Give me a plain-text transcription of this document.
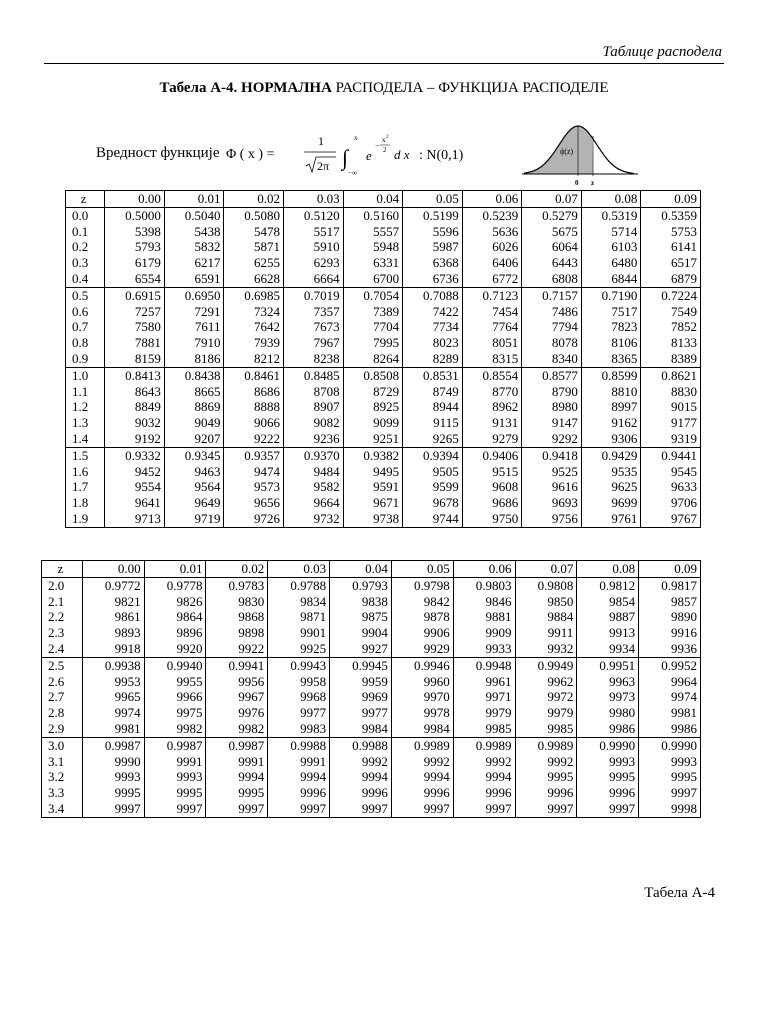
Таблице расподела
Табела А-4. НОРМАЛНА РАСПОДЕЛА – ФУНКЦИЈА РАСПОДЕЛЕ
Вредност функције Φ ( x ) =
1
2π
x
∫
−∞
e
−
x 2
2 d x : N(0,1)	ϕ(z)
0 z
z	0.00	0.01	0.02	0.03	0.04	0.05	0.06	0.07	0.08	0.09
0.0	0.5000	0.5040	0.5080	0.5120	0.5160	0.5199	0.5239	0.5279	0.5319	0.5359
0.1	5398	5438	5478	5517	5557	5596	5636	5675	5714	5753
0.2	5793	5832	5871	5910	5948	5987	6026	6064	6103	6141
0.3	6179	6217	6255	6293	6331	6368	6406	6443	6480	6517
0.4	6554	6591	6628	6664	6700	6736	6772	6808	6844	6879
0.5	0.6915	0.6950	0.6985	0.7019	0.7054	0.7088	0.7123	0.7157	0.7190	0.7224
0.6	7257	7291	7324	7357	7389	7422	7454	7486	7517	7549
0.7	7580	7611	7642	7673	7704	7734	7764	7794	7823	7852
0.8	7881	7910	7939	7967	7995	8023	8051	8078	8106	8133
0.9	8159	8186	8212	8238	8264	8289	8315	8340	8365	8389
1.0	0.8413	0.8438	0.8461	0.8485	0.8508	0.8531	0.8554	0.8577	0.8599	0.8621
1.1	8643	8665	8686	8708	8729	8749	8770	8790	8810	8830
1.2	8849	8869	8888	8907	8925	8944	8962	8980	8997	9015
1.3	9032	9049	9066	9082	9099	9115	9131	9147	9162	9177
1.4	9192	9207	9222	9236	9251	9265	9279	9292	9306	9319
1.5	0.9332	0.9345	0.9357	0.9370	0.9382	0.9394	0.9406	0.9418	0.9429	0.9441
1.6	9452	9463	9474	9484	9495	9505	9515	9525	9535	9545
1.7	9554	9564	9573	9582	9591	9599	9608	9616	9625	9633
1.8	9641	9649	9656	9664	9671	9678	9686	9693	9699	9706
1.9	9713	9719	9726	9732	9738	9744	9750	9756	9761	9767
z	0.00	0.01	0.02	0.03	0.04	0.05	0.06	0.07	0.08	0.09
2.0	0.9772	0.9778	0.9783	0.9788	0.9793	0.9798	0.9803	0.9808	0.9812	0.9817
2.1	9821	9826	9830	9834	9838	9842	9846	9850	9854	9857
2.2	9861	9864	9868	9871	9875	9878	9881	9884	9887	9890
2.3	9893	9896	9898	9901	9904	9906	9909	9911	9913	9916
2.4	9918	9920	9922	9925	9927	9929	9933	9932	9934	9936
2.5	0.9938	0.9940	0.9941	0.9943	0.9945	0.9946	0.9948	0.9949	0.9951	0.9952
2.6	9953	9955	9956	9958	9959	9960	9961	9962	9963	9964
2.7	9965	9966	9967	9968	9969	9970	9971	9972	9973	9974
2.8	9974	9975	9976	9977	9977	9978	9979	9979	9980	9981
2.9	9981	9982	9982	9983	9984	9984	9985	9985	9986	9986
3.0	0.9987	0.9987	0.9987	0.9988	0.9988	0.9989	0.9989	0.9989	0.9990	0.9990
3.1	9990	9991	9991	9991	9992	9992	9992	9992	9993	9993
3.2	9993	9993	9994	9994	9994	9994	9994	9995	9995	9995
3.3	9995	9995	9995	9996	9996	9996	9996	9996	9996	9997
3.4	9997	9997	9997	9997	9997	9997	9997	9997	9997	9998
Табела А-4
